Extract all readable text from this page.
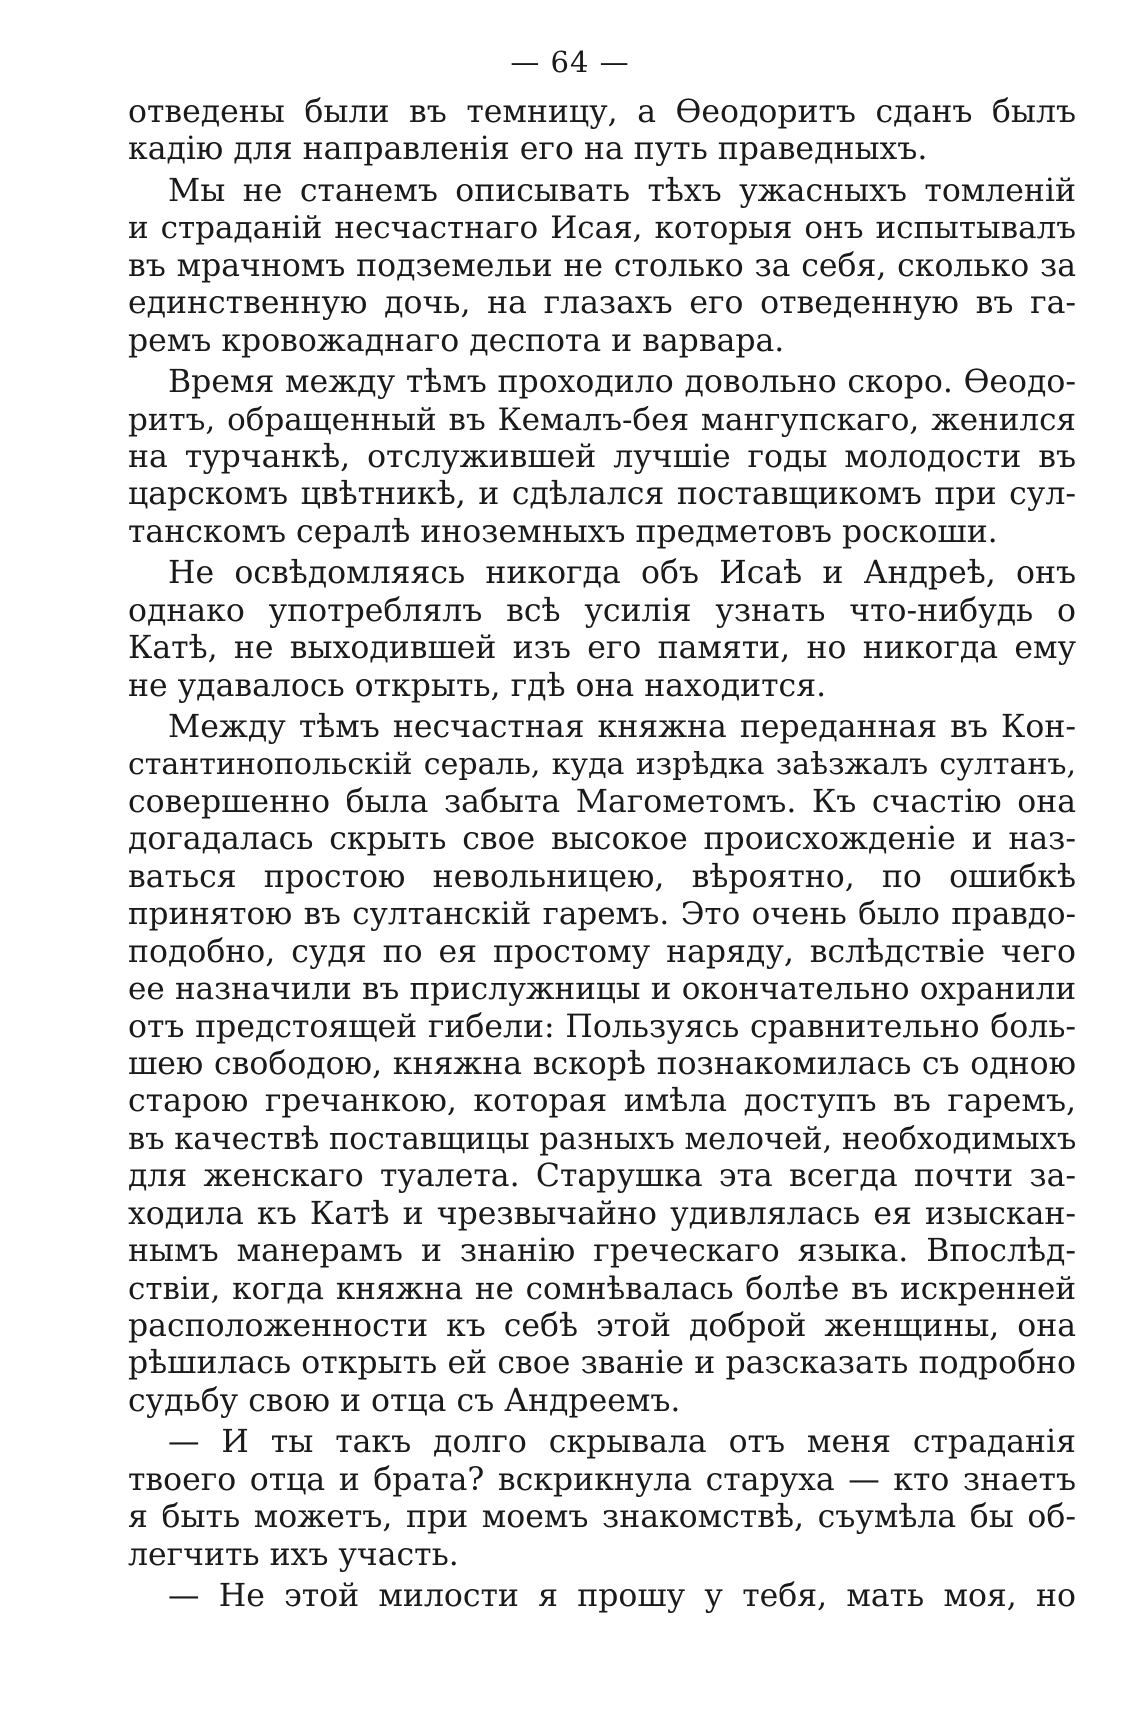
— 64 —
отведены были въ темницу, а Ѳеодоритъ сданъ былъ
кадію для направленія его на путь праведныхъ.
Мы не станемъ описывать тѣхъ ужасныхъ томленій
и страданій несчастнаго Исая, которыя онъ испытывалъ
въ мрачномъ подземельи не столько за себя, сколько за
единственную дочь, на глазахъ его отведенную въ га-
ремъ кровожаднаго деспота и варвара.
Время между тѣмъ проходило довольно скоро. Ѳеодо-
ритъ, обращенный въ Кемалъ-бея мангупскаго, женился
на турчанкѣ, отслужившей лучшіе годы молодости въ
царскомъ цвѣтникѣ, и сдѣлался поставщикомъ при сул-
танскомъ сералѣ иноземныхъ предметовъ роскоши.
Не освѣдомляясь никогда объ Исаѣ и Андреѣ, онъ
однако употреблялъ всѣ усилія узнать что-нибудь о
Катѣ, не выходившей изъ его памяти, но никогда ему
не удавалось открыть, гдѣ она находится.
Между тѣмъ несчастная княжна переданная въ Кон-
стантинопольскій сераль, куда изрѣдка заѣзжалъ султанъ,
совершенно была забыта Магометомъ. Къ счастію она
догадалась скрыть свое высокое происхожденіе и наз-
ваться простою невольницею, вѣроятно, по ошибкѣ
принятою въ султанскій гаремъ. Это очень было правдо-
подобно, судя по ея простому наряду, вслѣдствіе чего
ее назначили въ прислужницы и окончательно охранили
отъ предстоящей гибели: Пользуясь сравнительно боль-
шею свободою, княжна вскорѣ познакомилась съ одною
старою гречанкою, которая имѣла доступъ въ гаремъ,
въ качествѣ поставщицы разныхъ мелочей, необходимыхъ
для женскаго туалета. Старушка эта всегда почти за-
ходила къ Катѣ и чрезвычайно удивлялась ея изыскан-
нымъ манерамъ и знанію греческаго языка. Впослѣд-
ствіи, когда княжна не сомнѣвалась болѣе въ искренней
расположенности къ себѣ этой доброй женщины, она
рѣшилась открыть ей свое званіе и разсказать подробно
судьбу свою и отца съ Андреемъ.
— И ты такъ долго скрывала отъ меня страданія
твоего отца и брата? вскрикнула старуха — кто знаетъ
я быть можетъ, при моемъ знакомствѣ, съумѣла бы об-
легчить ихъ участь.
— Не этой милости я прошу у тебя, мать моя, но
